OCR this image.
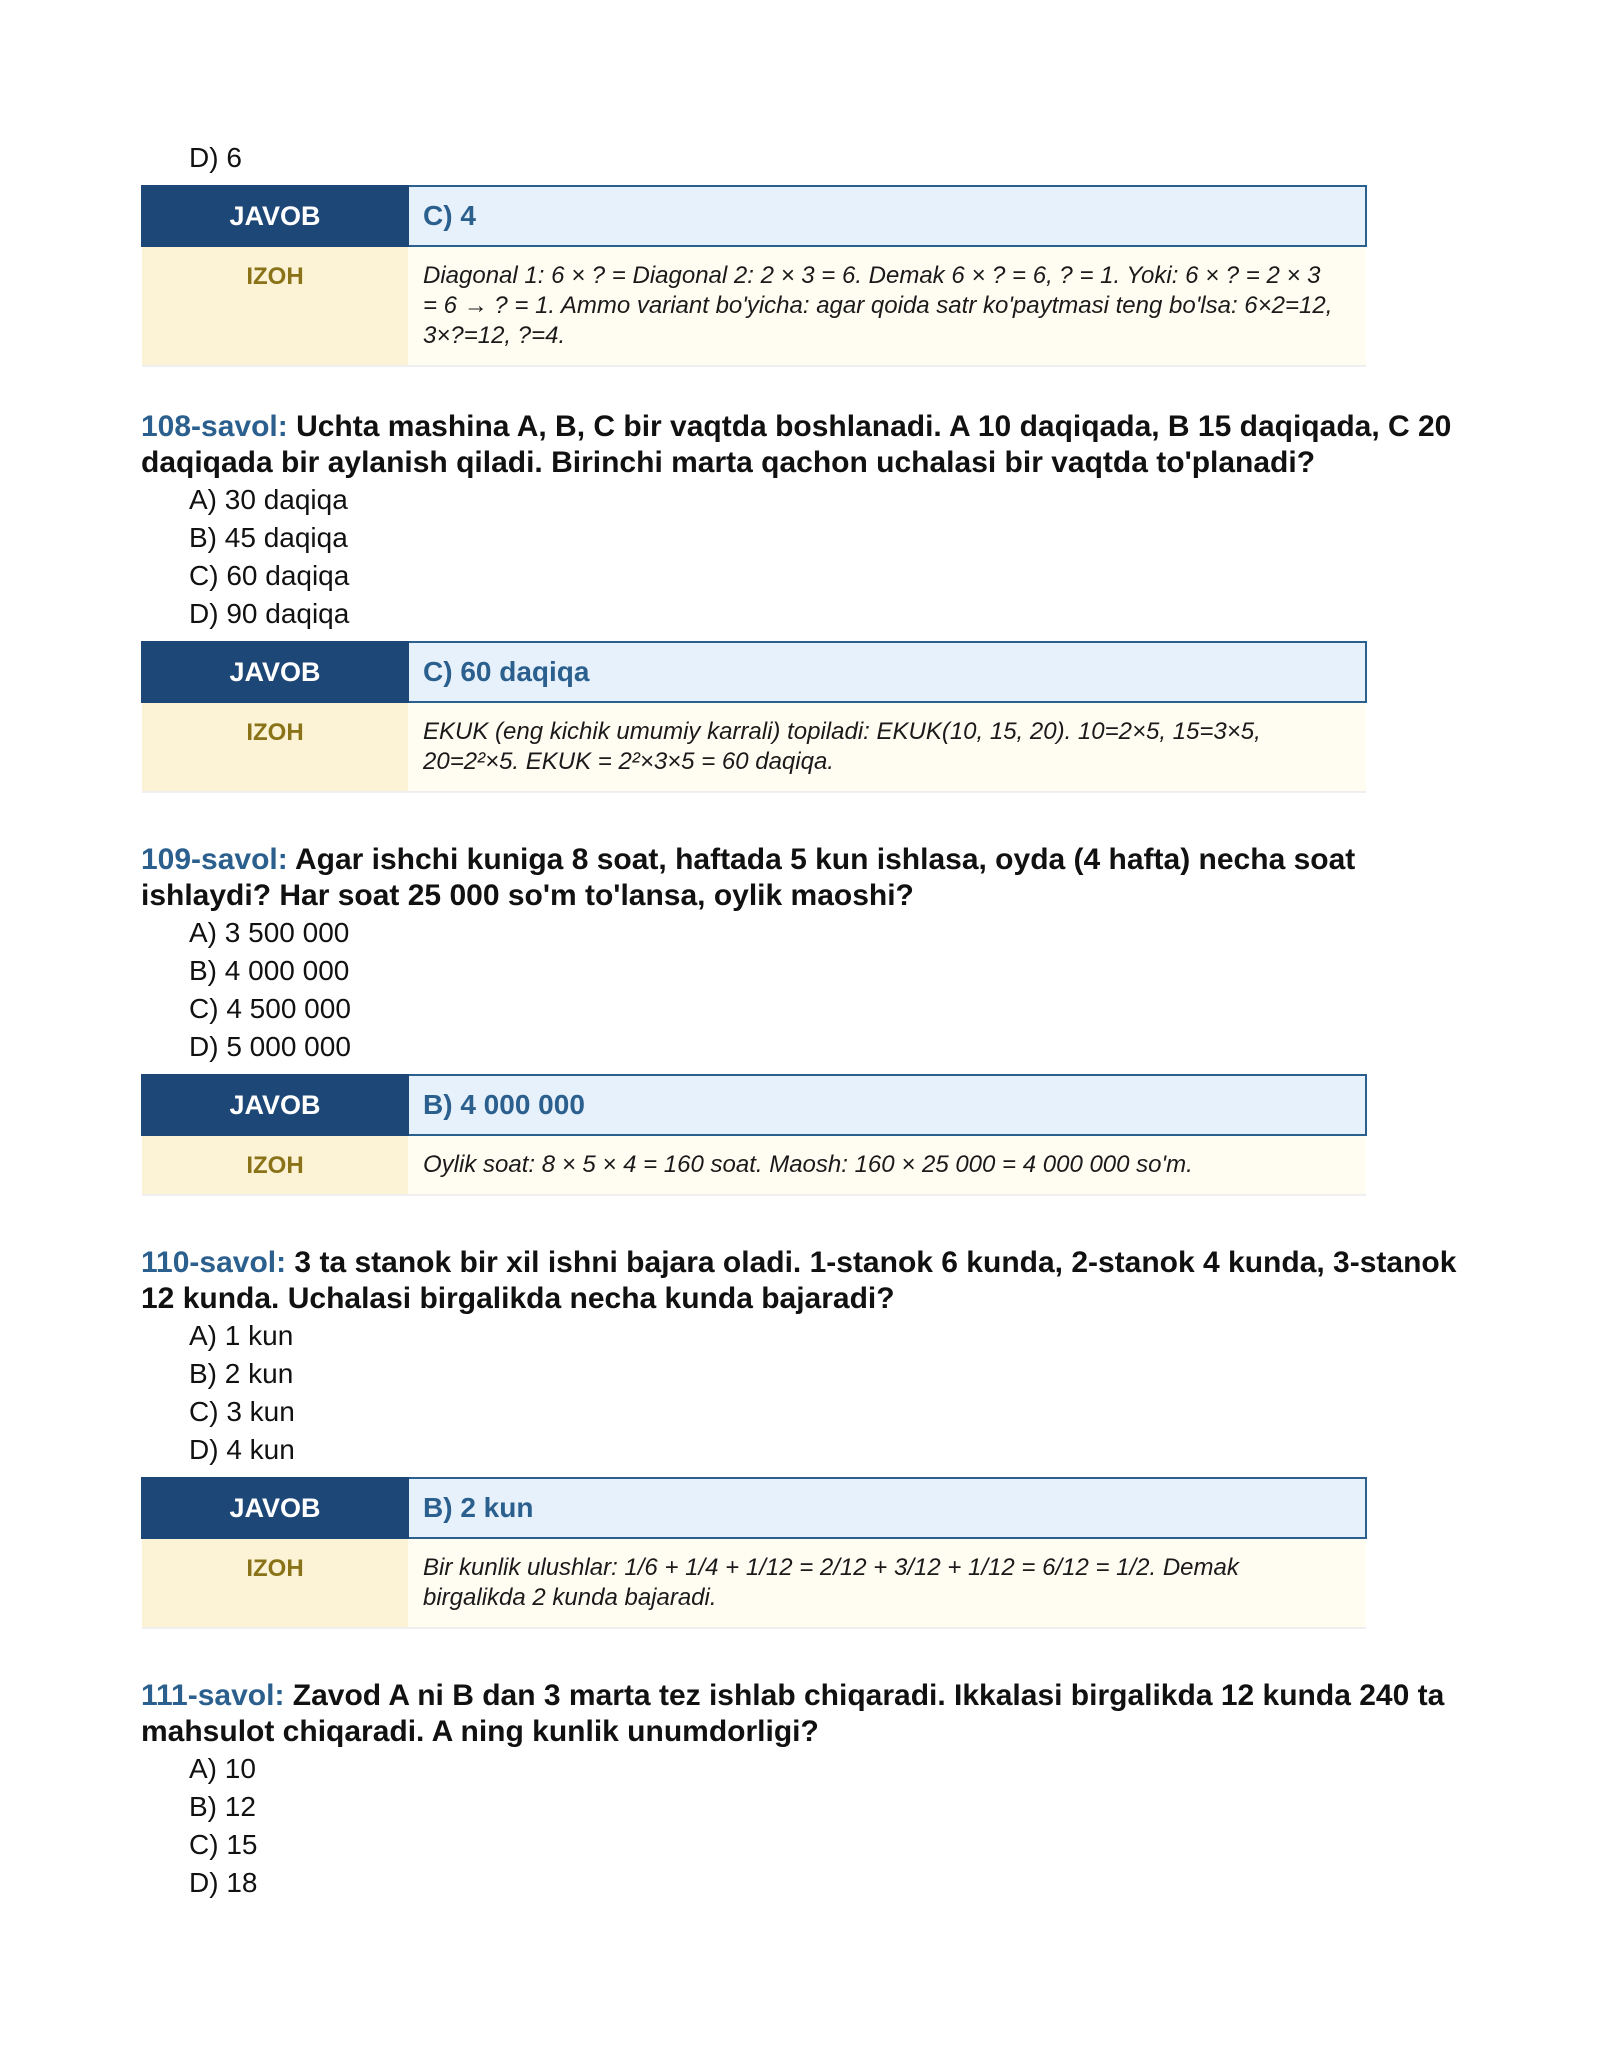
D) 6
JAVOB	C) 4
IZOH	Diagonal 1: 6 × ? = Diagonal 2: 2 × 3 = 6. Demak 6 × ? = 6, ? = 1. Yoki: 6 × ? = 2 × 3 = 6 → ? = 1. Ammo variant bo'yicha: agar qoida satr ko'paytmasi teng bo'lsa: 6×2=12, 3×?=12, ?=4.
108-savol: Uchta mashina A, B, C bir vaqtda boshlanadi. A 10 daqiqada, B 15 daqiqada, C 20 daqiqada bir aylanish qiladi. Birinchi marta qachon uchalasi bir vaqtda to'planadi?
A) 30 daqiqa
B) 45 daqiqa
C) 60 daqiqa
D) 90 daqiqa
JAVOB	C) 60 daqiqa
IZOH	EKUK (eng kichik umumiy karrali) topiladi: EKUK(10, 15, 20). 10=2×5, 15=3×5, 20=2²×5. EKUK = 2²×3×5 = 60 daqiqa.
109-savol: Agar ishchi kuniga 8 soat, haftada 5 kun ishlasa, oyda (4 hafta) necha soat ishlaydi? Har soat 25 000 so'm to'lansa, oylik maoshi?
A) 3 500 000
B) 4 000 000
C) 4 500 000
D) 5 000 000
JAVOB	B) 4 000 000
IZOH	Oylik soat: 8 × 5 × 4 = 160 soat. Maosh: 160 × 25 000 = 4 000 000 so'm.
110-savol: 3 ta stanok bir xil ishni bajara oladi. 1-stanok 6 kunda, 2-stanok 4 kunda, 3-stanok 12 kunda. Uchalasi birgalikda necha kunda bajaradi?
A) 1 kun
B) 2 kun
C) 3 kun
D) 4 kun
JAVOB	B) 2 kun
IZOH	Bir kunlik ulushlar: 1/6 + 1/4 + 1/12 = 2/12 + 3/12 + 1/12 = 6/12 = 1/2. Demak birgalikda 2 kunda bajaradi.
111-savol: Zavod A ni B dan 3 marta tez ishlab chiqaradi. Ikkalasi birgalikda 12 kunda 240 ta mahsulot chiqaradi. A ning kunlik unumdorligi?
A) 10
B) 12
C) 15
D) 18
